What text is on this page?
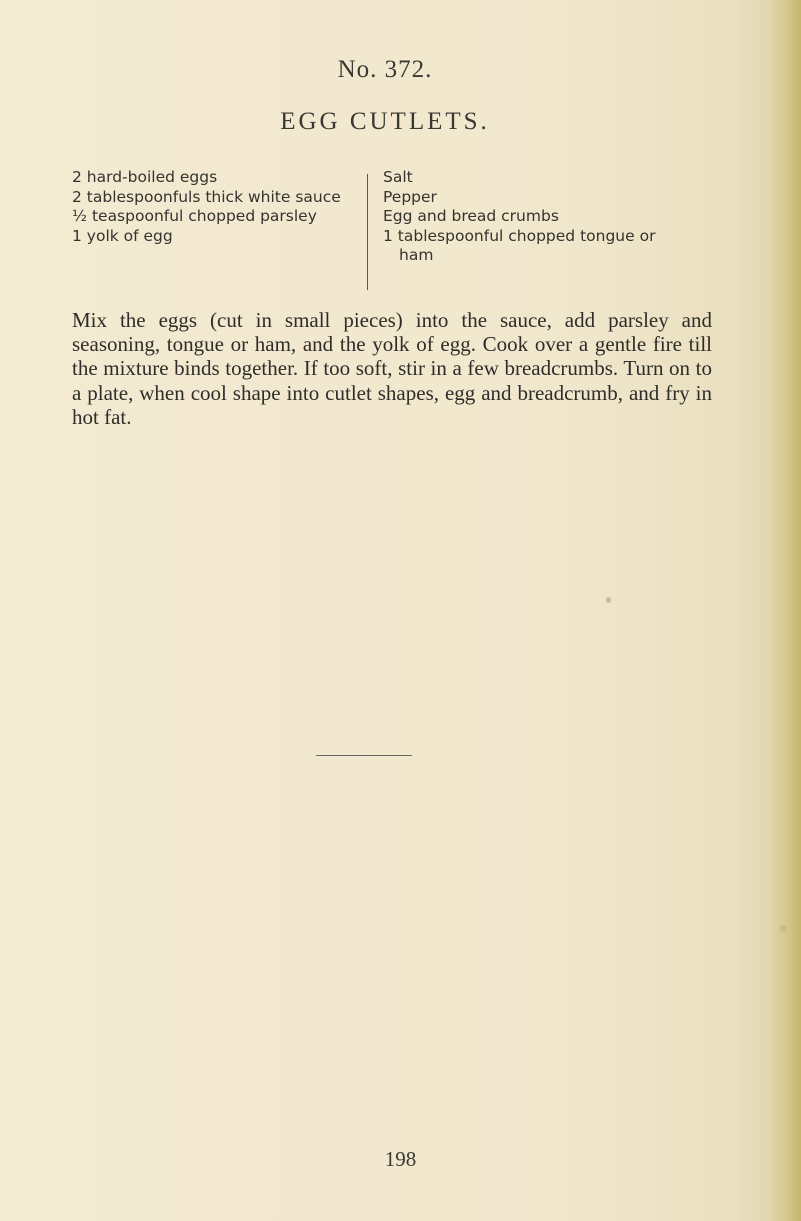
No. 372.
EGG CUTLETS.
2 hard-boiled eggs
2 tablespoonfuls thick white sauce
½ teaspoonful chopped parsley
1 yolk of egg
Salt
Pepper
Egg and bread crumbs
1 tablespoonful chopped tongue or ham

Mix the eggs (cut in small pieces) into the sauce, add parsley and seasoning, tongue or ham, and the yolk of egg. Cook over a gentle fire till the mixture binds together. If too soft, stir in a few breadcrumbs. Turn on to a plate, when cool shape into cutlet shapes, egg and breadcrumb, and fry in hot fat.

198
